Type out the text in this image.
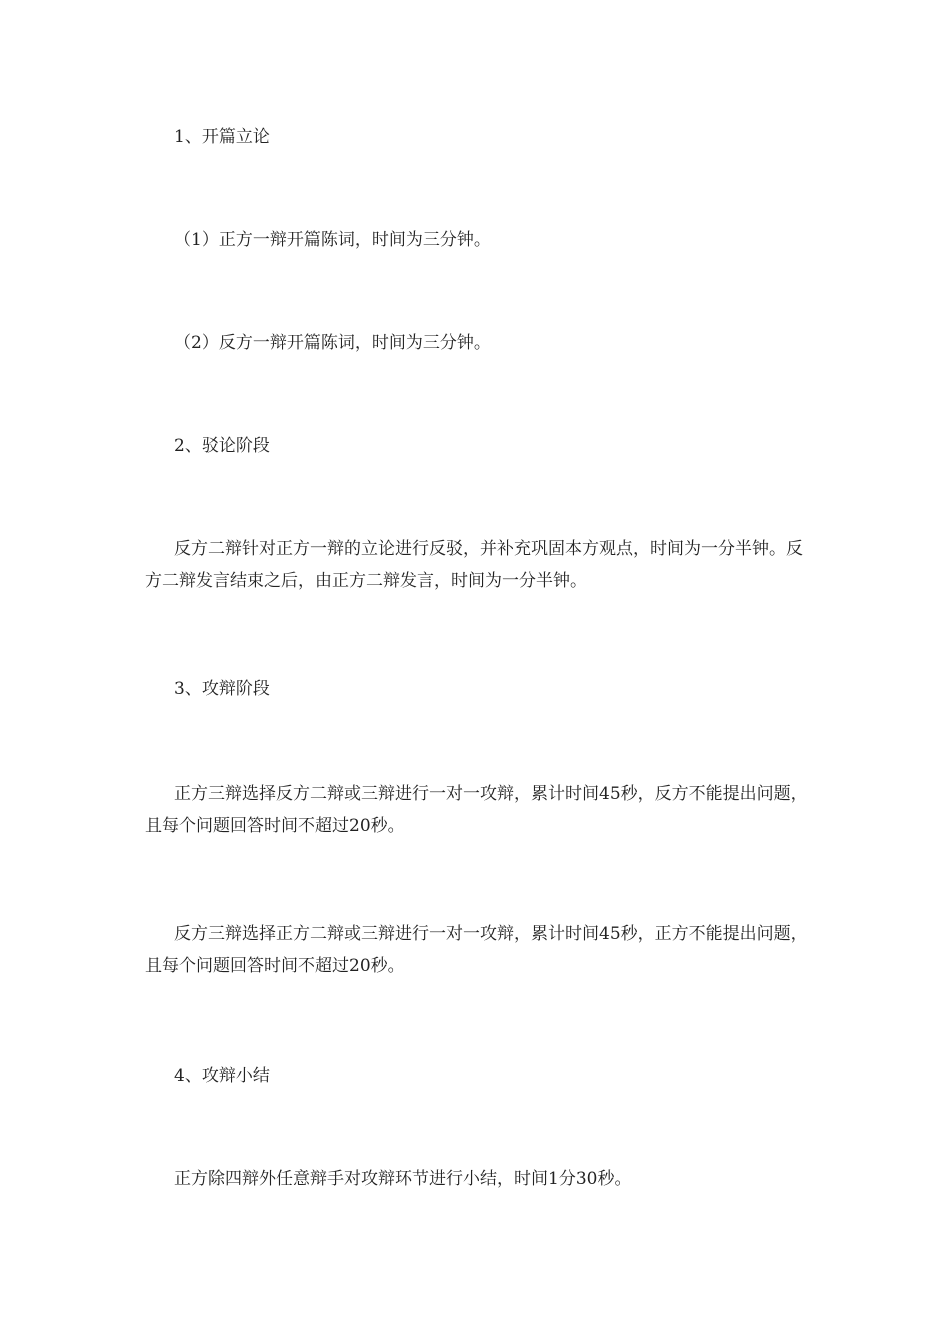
1、开篇立论

（1）正方一辩开篇陈词，时间为三分钟。

（2）反方一辩开篇陈词，时间为三分钟。

2、驳论阶段

反方二辩针对正方一辩的立论进行反驳，并补充巩固本方观点，时间为一分半钟。反方二辩发言结束之后，由正方二辩发言，时间为一分半钟。

3、攻辩阶段

正方三辩选择反方二辩或三辩进行一对一攻辩，累计时间45秒，反方不能提出问题，且每个问题回答时间不超过20秒。

反方三辩选择正方二辩或三辩进行一对一攻辩，累计时间45秒，正方不能提出问题，且每个问题回答时间不超过20秒。

4、攻辩小结

正方除四辩外任意辩手对攻辩环节进行小结，时间1分30秒。
